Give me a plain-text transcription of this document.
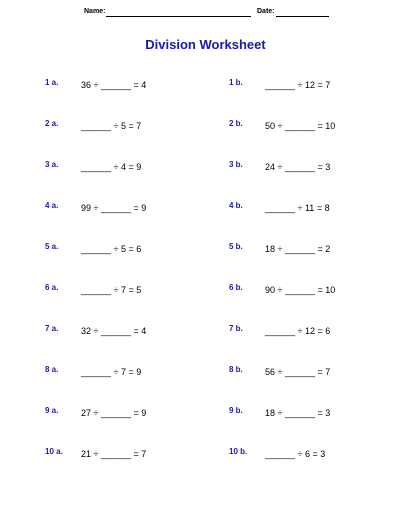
Name:	Date:
Division Worksheet
1 a.	36 ÷ ______ = 4	1 b. ______ ÷ 12 = 7
2 a.	______ ÷ 5 = 7	2 b. 50 ÷ ______ = 10
3 a.	______ ÷ 4 = 9	3 b. 24 ÷ ______ = 3
4 a.	99 ÷ ______ = 9	4 b. ______ ÷ 11 = 8
5 a.	______ ÷ 5 = 6	5 b. 18 ÷ ______ = 2
6 a.	______ ÷ 7 = 5	6 b. 90 ÷ ______ = 10
7 a.	32 ÷ ______ = 4	7 b. ______ ÷ 12 = 6
8 a.	______ ÷ 7 = 9	8 b. 56 ÷ ______ = 7
9 a.	27 ÷ ______ = 9	9 b. 18 ÷ ______ = 3
10 a. 21 ÷ ______ = 7	10 b. ______ ÷ 6 = 3
